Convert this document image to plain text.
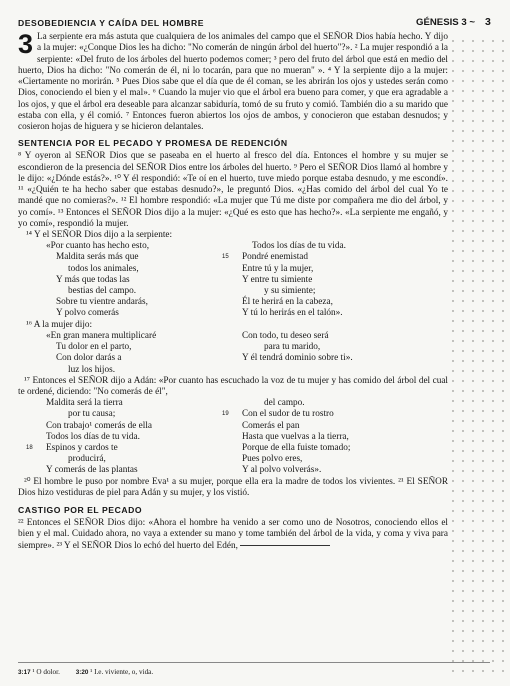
DESOBEDIENCIA Y CAÍDA DEL HOMBRE	GÉNESIS 3 ~ 3

3 La serpiente era más astuta que cualquiera de los animales del campo que el SEÑOR Dios había hecho. Y dijo a la mujer: «¿Conque Dios les ha dicho: "No comerán de ningún árbol del huerto"?». ² La mujer respondió a la serpiente: «Del fruto de los árboles del huerto podemos comer; ³ pero del fruto del árbol que está en medio del huerto, Dios ha dicho: "No comerán de él, ni lo tocarán, para que no mueran" ». ⁴ Y la serpiente dijo a la mujer: «Ciertamente no morirán. ⁵ Pues Dios sabe que el día que de él coman, se les abrirán los ojos y ustedes serán como Dios, conociendo el bien y el mal». ⁶ Cuando la mujer vio que el árbol era bueno para comer, y que era agradable a los ojos, y que el árbol era deseable para alcanzar sabiduría, tomó de su fruto y comió. También dio a su marido que estaba con ella, y él comió. ⁷ Entonces fueron abiertos los ojos de ambos, y conocieron que estaban desnudos; y cosieron hojas de higuera y se hicieron delantales.

SENTENCIA POR EL PECADO Y PROMESA DE REDENCIÓN

⁸ Y oyeron al SEÑOR Dios que se paseaba en el huerto al fresco del día. Entonces el hombre y su mujer se escondieron de la presencia del SEÑOR Dios entre los árboles del huerto. ⁹ Pero el SEÑOR Dios llamó al hombre y le dijo: «¿Dónde estás?». ¹⁰ Y él respondió: «Te oí en el huerto, tuve miedo porque estaba desnudo, y me escondí». ¹¹ «¿Quién te ha hecho saber que estabas desnudo?», le preguntó Dios. «¿Has comido del árbol del cual Yo te mandé que no comieras?». ¹² El hombre respondió: «La mujer que Tú me diste por compañera me dio del árbol, y yo comí». ¹³ Entonces el SEÑOR Dios dijo a la mujer: «¿Qué es esto que has hecho?». «La serpiente me engañó, y yo comí», respondió la mujer.

¹⁴ Y el SEÑOR Dios dijo a la serpiente:

«Por cuanto has hecho esto,
Maldita serás más que
todos los animales,
Y más que todas las
bestias del campo.
Sobre tu vientre andarás,
Y polvo comerás
Todos los días de tu vida.
15 Pondré enemistad
Entre tú y la mujer,
Y entre tu simiente
y su simiente;
Él te herirá en la cabeza,
Y tú lo herirás en el talón».

¹⁶ A la mujer dijo:

«En gran manera multiplicaré
Tu dolor en el parto,
Con dolor darás a
luz los hijos.
Con todo, tu deseo será
para tu marido,
Y él tendrá dominio sobre ti».

¹⁷ Entonces el SEÑOR dijo a Adán: «Por cuanto has escuchado la voz de tu mujer y has comido del árbol del cual te ordené, diciendo: "No comerás de él",

Maldita será la tierra
por tu causa;
Con trabajo¹ comerás de ella
Todos los días de tu vida.
18 Espinos y cardos te
producirá,
Y comerás de las plantas
del campo.
19 Con el sudor de tu rostro
Comerás el pan
Hasta que vuelvas a la tierra,
Porque de ella fuiste tomado;
Pues polvo eres,
Y al polvo volverás».

²⁰ El hombre le puso por nombre Eva¹ a su mujer, porque ella era la madre de todos los vivientes. ²¹ El SEÑOR Dios hizo vestiduras de piel para Adán y su mujer, y los vistió.

CASTIGO POR EL PECADO

²² Entonces el SEÑOR Dios dijo: «Ahora el hombre ha venido a ser como uno de Nosotros, conociendo ellos el bien y el mal. Cuidado ahora, no vaya a extender su mano y tome también del árbol de la vida, y coma y viva para siempre». ²³ Y el SEÑOR Dios lo echó del huerto del Edén,

3:17 ¹ O dolor.	3:20 ¹ I.e. viviente, o, vida.
